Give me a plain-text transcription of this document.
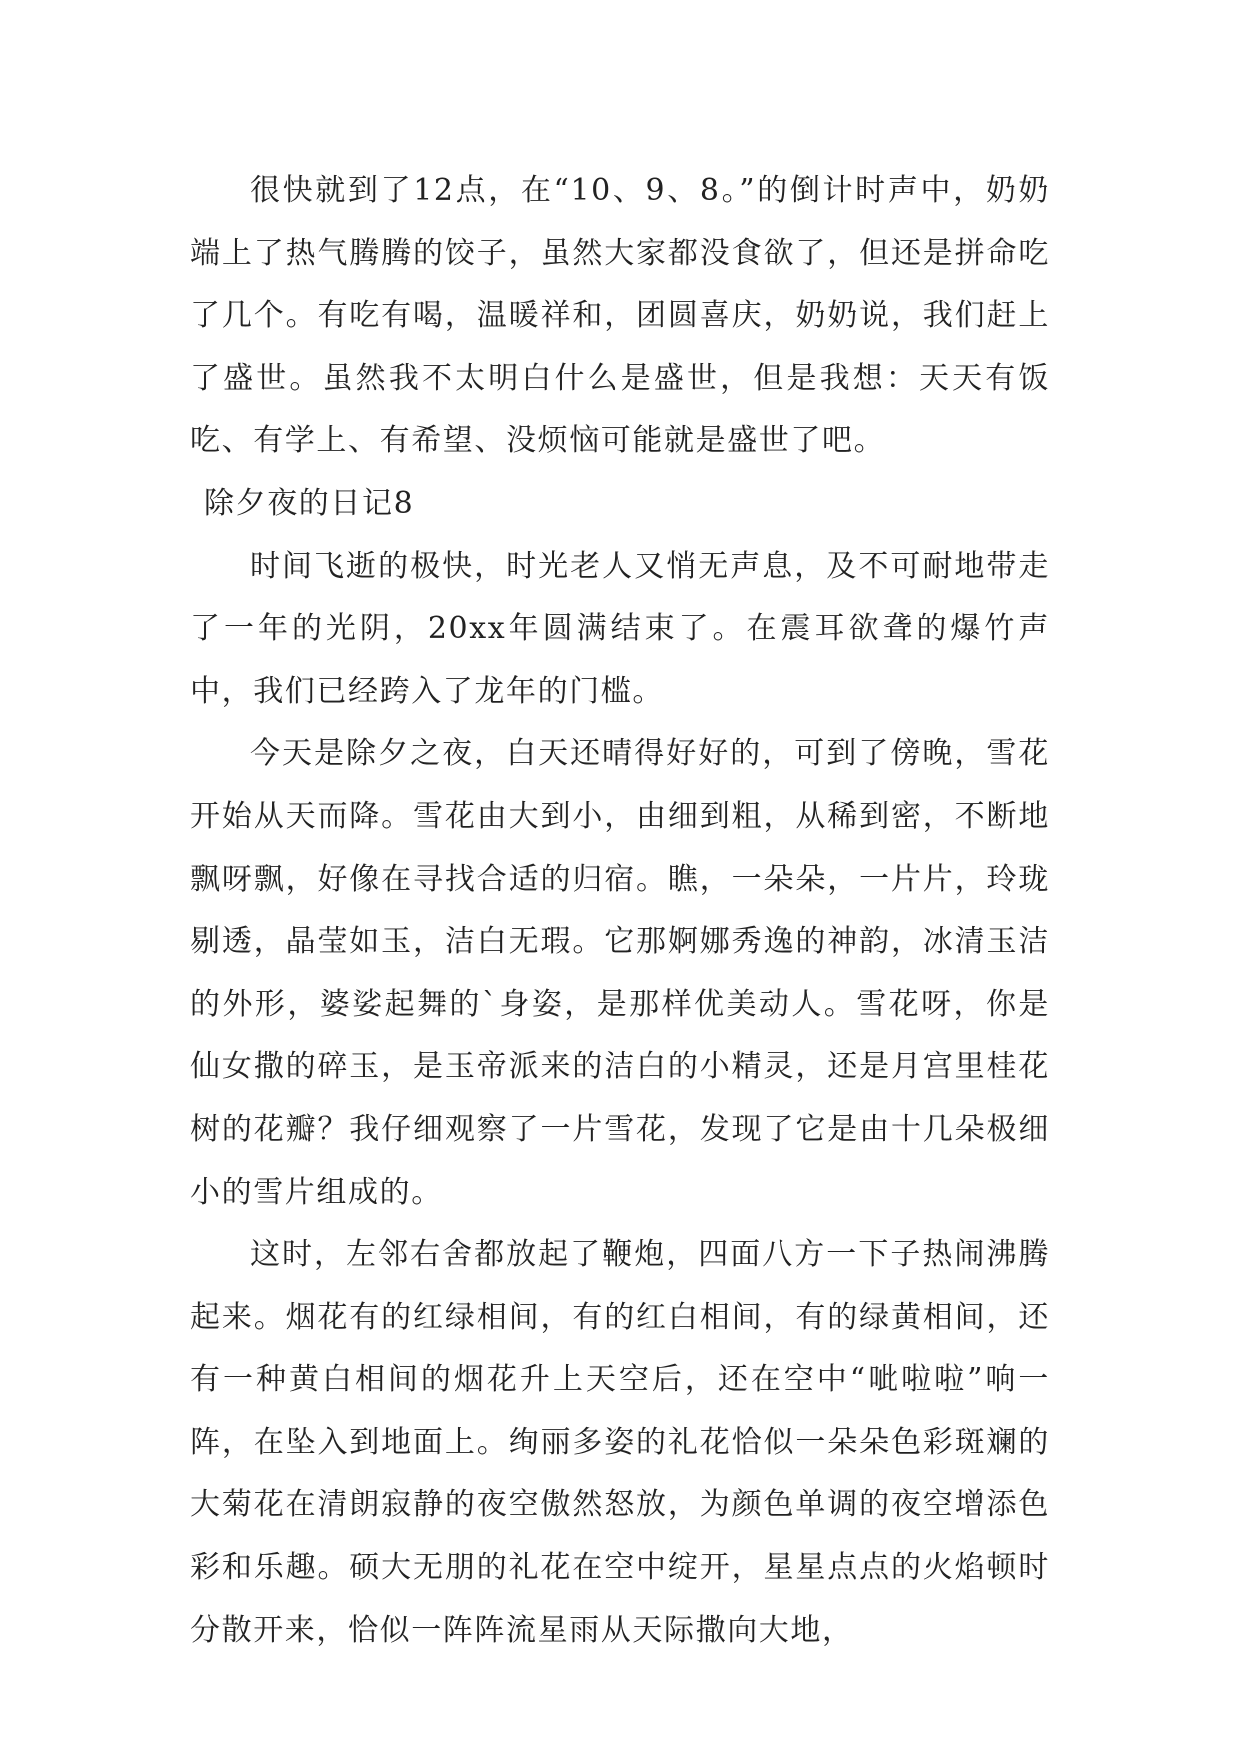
很快就到了12点，在“10、9、8。”的倒计时声中，奶奶端上了热气腾腾的饺子，虽然大家都没食欲了，但还是拼命吃了几个。有吃有喝，温暖祥和，团圆喜庆，奶奶说，我们赶上了盛世。虽然我不太明白什么是盛世，但是我想：天天有饭吃、有学上、有希望、没烦恼可能就是盛世了吧。

除夕夜的日记8

时间飞逝的极快，时光老人又悄无声息，及不可耐地带走了一年的光阴，20xx年圆满结束了。在震耳欲聋的爆竹声中，我们已经跨入了龙年的门槛。

今天是除夕之夜，白天还晴得好好的，可到了傍晚，雪花开始从天而降。雪花由大到小，由细到粗，从稀到密，不断地飘呀飘，好像在寻找合适的归宿。瞧，一朵朵，一片片，玲珑剔透，晶莹如玉，洁白无瑕。它那婀娜秀逸的神韵，冰清玉洁的外形，婆娑起舞的`身姿，是那样优美动人。雪花呀，你是仙女撒的碎玉，是玉帝派来的洁白的小精灵，还是月宫里桂花树的花瓣？我仔细观察了一片雪花，发现了它是由十几朵极细小的雪片组成的。

这时，左邻右舍都放起了鞭炮，四面八方一下子热闹沸腾起来。烟花有的红绿相间，有的红白相间，有的绿黄相间，还有一种黄白相间的烟花升上天空后，还在空中“呲啦啦”响一阵，在坠入到地面上。绚丽多姿的礼花恰似一朵朵色彩斑斓的大菊花在清朗寂静的夜空傲然怒放，为颜色单调的夜空增添色彩和乐趣。硕大无朋的礼花在空中绽开，星星点点的火焰顿时分散开来，恰似一阵阵流星雨从天际撒向大地，
